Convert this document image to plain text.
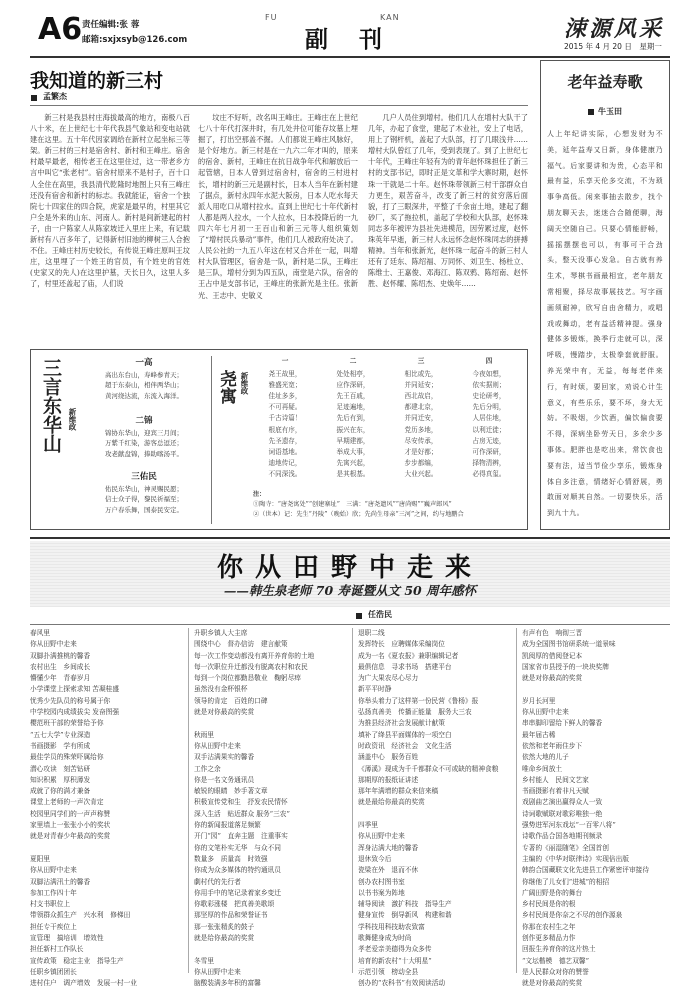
A6 责任编辑:张 蓉
邮箱:sxjxsyb@126.com
FU	KAN
副　刊	涑源风采
2015 年 4 月 20 日　星期一
我知道的新三村
孟繁杰
新三村是我县村庄海拔最高的地方，南极八百八十米，在上世纪七十年代我县气象站和变电站就建在这里。五十年代因家调给在新村立起坐标三等架。新三村的三村是宿舍村、新村和王峰庄。宿舍村最早最老，相传老王在这里住过，这一带老乡方言中叫它“张老村”。宿舍村原来不是村子，百十口人全住在高里，我县清代乾隆时地图上只有三峰庄还没有宿舍和新村的标志。我就能证，宿舍一个独院七十四家住的四合院，虎家是最早的，村里其它户全是外来的山东、河南人。新村是间新建起的村子，由一户陈家人从陈家坡迁入里庄上来，有记载新村有八百多年了，记得新村旧池的柳树三人合抱不住。王峰庄村历史较长，有传说王峰庄原叫王坟庄，这里埋了一个姓王的官员，有个姓史的官姓(史家又的先人)在这里护墓，天长日久，这里人多了，村里还盖起了庙，人们说
坟庄不好听，改名叫王峰庄。王峰庄在上世纪七八十年代打深井时，有几处井位可能存坟墓上埋掘了，打出空那盖不掘。人们都说王峰庄风脉好，是个好地方。新三村是在一九六二年才叫的，原来的宿舍、新村，王峰庄在抗日战争年代和解放后一起管辖，日本人曾到过宿舍村，宿舍的三村进村长，增村的新三元是副村长，日本人当年在新村建了据点，新村永四年水泥大阪房，日本人吃水每天派人用吃口从增村拉水。直到上世纪七十年代新村人都是两人拉水，一个人拉水，日本投降后的一九四六年七月初一王百山和新三元等人组织策划了“增村民兵暴动”事件，他们几人被政府处决了。人民公社的一九五八年这在村又合并在一起，叫增村大队管理区，宿舍是一队，新村是二队，王峰庄是三队，增村分到为四五队，南堂是六队，宿舍的王占中是支部书记，王峰庄的张新光是主任。张新光、王志中、史敏义
几户人员住到增村。他们几人在增村大队干了几年，办起了食堂，建起了木业社，安上了电话，用上了钢杆机，盖起了大队部，打了几眼浅井……增村大队曾红了几年，受到表现了。到了上世纪七十年代，王峰庄年轻有为的青年赵怀珠担任了新三村的支部书记，即时正是文革和学大寨时期，赵怀珠一干就是二十年。赵怀珠带领新三村干部群众自力更生，艰苦奋斗，改变了新三村的贫穷落后面貌，打了三眼深井，平整了千余亩土地，建起了翻砂厂，买了拖拉机，盖起了学校和大队部，赵怀珠同志多年被评为县社先进模范，因劳累过度，赵怀珠英年早逝，新三村人永远怀念赵怀珠同志的拼搏精神。当年和张新光，赵怀珠一起奋斗的新三村人还有了廷东、陈绍福、万同怀、刘卫生、杨杜立、陈维士、王嘉俊、邓海江、陈双鸦、陈绍南、赵怀胜、赵怀耀、陈绍杰、史焕年……
老年益寿歌
牛玉田
人上年纪讲实际，心想发财为不美，延年益寿又日新，身体健康乃福气。后家要讲和为贵，心态平和最有益，乐享天伦多交流，不为琐事争高低。闲来事抽去散步，找个朋友聊天去，迷迷合合随便聊，海阔天空随自己。只要心情能舒畅，摇摇摆摆也可以，有事可干合劲头，整天没事心发急。自古就有养生术，琴棋书画最相宜，老年朋友常相聚，择尽故事展技艺。写字画画须耐神，欣写自由舍精力，或唱戏或舞动，老有益活精神提。强身健体多锻炼，换季行走就可以，深呼吸，慢踏步，太极拳套就舒服。养光荣中有，无益，每每老伴来行，有时烦，要回家，劝说心计生意义，有些乐乐，要不坏，身大无妨。不吸烟，少饮酒，偏饮偏食要不得，深病坐卧劳天日，多余少多事体。肥胖也是吃出来，常饮食也要有法，适当节俭少享乐，锻炼身体自多注意，情绪好心情舒展，勇敢面对顺其自然。一切要快乐，活到九十九。
三言东华山 新维政
一高
高出东台山，寿峰参青天；
超于东泰山，相伴两华山；
黄河绕达流，东流入海洋。
二锦
锦协东华山，迎宾三月间；
万紫千红染，游客总逗还；
攻老献盘锦，捧助喀汤平。
三佑民
佑民东华山，神灵赐民愿；
信士众子得，黎民祈福至；
万户春乐舞，国泰民安定。
尧寓 新维政
一
尧王故里，
雅盛光宽；
佳址多多，
不可再疑。
千古诗篇！
根底有序，
先圣遗存，
词语基地。
迪地传记，
不同深浅。
二
处处相亭，
应作深研，
先王百戚，
足迹遍地，
先后有到，
振兴在东，
早期建都，
举成大事，
先寓兴起，
是其根基。
三
相比或先，
并同延安；
西北故启，
都建北京，
并同迁安，
党历多地，
尽安传承，
才是好都；
步步都编，
大业兴起。
四
今夜如想，
依实据则；
史论研考，
先后分明，
人居住地，
以利迁徙；
占房无迹，
可作深研，
择物清辨，
必得真玺。
注：
①陶寺：“唐尧寓处”“创建寨址”　三满：“唐尧遗风”“唐尚赐”“巍声郎风”
②（世本）记：先生“丹陵”（晚始）欣；先尚生母亲“三河”之间，约与地鹏合
你从田野中走来
——韩生泉老师 70 寿诞暨从文 50 周年感怀
任浩民
春风里
你从田野中走来
双脚扑满推桃的馨香
农村出生　乡间成长
懵懂少年　青春岁月
小学课堂上探索求知 苦凝桂盛
忧秀少先队员的称号属于你
中学校园内成绩拔尖 发奋图强
樱范班干部的荣誉给予你
“五七大学”专业深造
书画摄影　学有所成
最佳学员的殊荣吓属给你
潜心攻读　刻苦钻研
知识积累　厚积薄发
成就了你的满才兼备
课堂上老师的一声次肯定
校园里同学们的一声声称赞
家里墙上一张张小小的奖状
就是对青春少年最高的奖赏
夏阳里
你从田野中走来
双脚沾满汛土的馨香
参加工作四十年
村支书职位上
带领群众抓生产　兴水利　修梯田
担任专干疾位上
宣管理　搞培训　增效性
担任新村工作队长
宣传政策　稳定主业　指导生产
任职乡镇团团长
进村住户　调产增效　发展一村一业
升职乡镇人大主席
围绕中心　督办信访　建言献策
每一次工作变动都没有离开养育你的土地
每一次职位升迁都没有脱离农村和农民
每到一个岗位都勤恳敬业　鞠躬尽瘁
虽然没有金杯银杯
领导的肯定　百姓的口碑
就是对你最高的奖赏
秋雨里
你从田野中走来
双手沾满果实的馨香
工作之余
你是一名文务通讯员
敏锐的眼睛　妙手著文章
积极宣传党和生　抒发农民情怀
深入生活　贴近群众 服务“三农”
你的新闻报道落足频繁
开门“园”　直奔主题　注重事实
你的文笔朴实无华　与众不同
数量多　质量高　时效强
你成为众多媒体的特约通讯员
劇村代的先行者
你用手中的笔记录着家乡变迁
你歌彩涨楼　把真善美歌颂
那坚厚的作品和荣誉证书
那一张张精炙的鼓子
就是给你最高的奖赏
冬雪里
你从田野中走来
脑酸装满多年积的富馨
退职二线
发挥特长　应聘媒体采编岗位
成为一名《夏农报》兼职编辑记者
最俱信息　寻求书场　搭建平台
为广大果农尽心尽力
新平平时静
你举头着力了这样第一份民营《鲁杨》报
弘扬真善美　传播正能量　服务大三农
为推县经济社会发展献计献策
填补了绛县平面媒体的一项空白
时政资讯　经济社会　文化生活
涵盖中心　服务百姓
《薄溪》现成为千千都群众不可或缺的精神食粮
那期厚的报纸证讲述
那年年满增的群众来信来稿
就是最给你最高的奖赏
四季里
你从田野中走来
浑身沾满大地的馨香
退休致今后
瓷梁在外　退而不休
创办农村图书室
以书书案为阵地
辅导阅读　激扩科技　指导生产
健身宣传　倒导新风　构建和谐
学科技用科技助农致富
歌舞健身成为时尚
孝老爱亲美德得为众多传
培育的新农村“十大明星”
示范引领　榜动全县
创办的“农科书”有效阅读活动
有声有色　响彻三晋
成为全国图书馆研系统一道景味
凯阅厚的借阅登记本
国家省市县授予的一块块奖牌
就是对你最高的奖赏
岁月长河里
你从田野中走来
串串脚印留给下鲜人的馨香
最年届古稀
依然和老年雨住步下
依然大地的儿子
唯命乡间放土
乡村能人　民间文艺家
书画摄影有着非凡天赋
戏剧曲艺演出赢得众人一致
诗词歌赋联对歌彩唯独一绝
强势进军河东戏坛“一百零八将”
诗歌作品合国各地期刊频录
专著的《丽湿随笔》全国首创
主编的《中华对联律诗》实现倍出版
韩韵合国藏联文化先进县工作紧密评审接待
你继他了儿女们“进城”的相招
广阔田野是你的舞台
乡村民间是你的根
乡村民间是你奈之不尽的创作源泉
你那在农村生之年
创作更多精品力作
回报生养育你的这片热土
“文坛楷模　德艺双馨”
是人民群众对你的赞誉
就是对你最高的奖赏
